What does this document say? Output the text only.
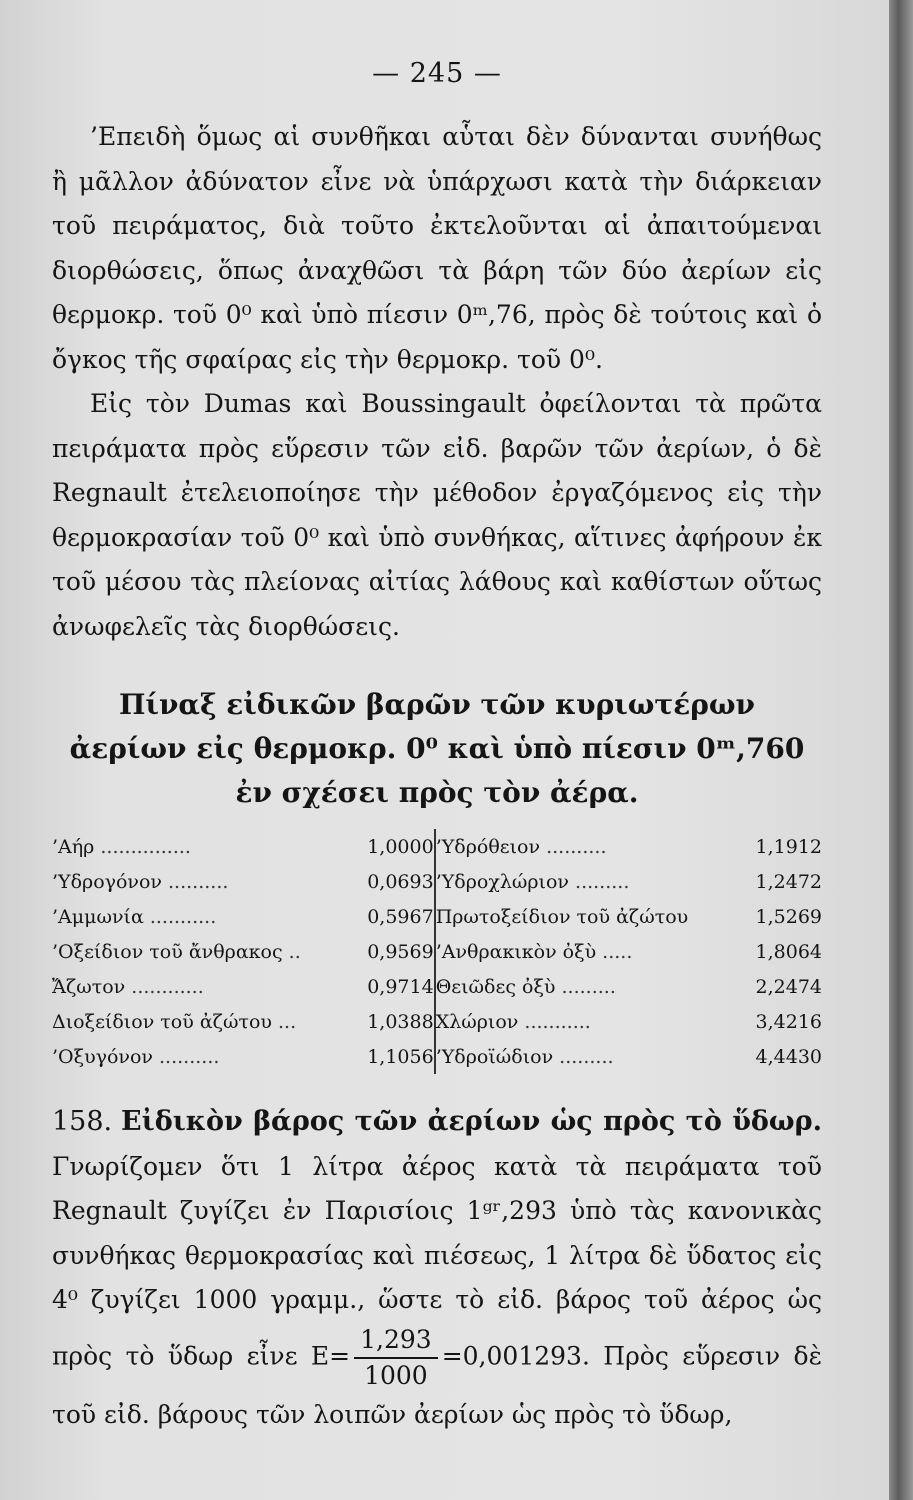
— 245 —

’Επειδὴ ὅμως αἱ συνθῆκαι αὗται δὲν δύνανται συνήθως ἢ μᾶλλον ἀδύνατον εἶνε νὰ ὑπάρχωσι κατὰ τὴν διάρκειαν τοῦ πειράματος, διὰ τοῦτο ἐκτελοῦνται αἱ ἀπαιτούμεναι διορθώσεις, ὅπως ἀναχθῶσι τὰ βάρη τῶν δύο ἀερίων εἰς θερμοκρ. τοῦ 0⁰ καὶ ὑπὸ πίεσιν 0ᵐ,76, πρὸς δὲ τούτοις καὶ ὁ ὄγκος τῆς σφαίρας εἰς τὴν θερμοκρ. τοῦ 0⁰.

Εἰς τὸν Dumas καὶ Boussingault ὀφείλονται τὰ πρῶτα πειράματα πρὸς εὕρεσιν τῶν εἰδ. βαρῶν τῶν ἀερίων, ὁ δὲ Regnault ἐτελειοποίησε τὴν μέθοδον ἐργαζόμενος εἰς τὴν θερμοκρασίαν τοῦ 0⁰ καὶ ὑπὸ συνθήκας, αἵτινες ἀφήρουν ἐκ τοῦ μέσου τὰς πλείονας αἰτίας λάθους καὶ καθίστων οὕτως ἀνωφελεῖς τὰς διορθώσεις.

Πίναξ εἰδικῶν βαρῶν τῶν κυριωτέρων
ἀερίων εἰς θερμοκρ. 0⁰ καὶ ὑπὸ πίεσιν 0ᵐ,760
ἐν σχέσει πρὸς τὸν ἀέρα.
’Αήρ ...............	1,0000	’Υδρόθειον ..........	1,1912
’Υδρογόνον ..........	0,0693	’Υδροχλώριον .........	1,2472
’Αμμωνία ...........	0,5967	Πρωτοξείδιον τοῦ ἀζώτου	1,5269
’Οξείδιον τοῦ ἄνθρακος ..	0,9569	’Ανθρακικὸν ὀξὺ .....	1,8064
Ἄζωτον ............	0,9714	Θειῶδες ὀξὺ .........	2,2474
Διοξείδιον τοῦ ἀζώτου ...	1,0388	Χλώριον ...........	3,4216
’Οξυγόνον ..........	1,1056	’Υδροϊώδιον .........	4,4430

158. Εἰδικὸν βάρος τῶν ἀερίων ὡς πρὸς τὸ ὕδωρ. Γνωρίζομεν ὅτι 1 λίτρα ἀέρος κατὰ τὰ πειράματα τοῦ Regnault ζυγίζει ἐν Παρισίοις 1ᵍʳ,293 ὑπὸ τὰς κανονικὰς συνθήκας θερμοκρασίας καὶ πιέσεως, 1 λίτρα δὲ ὕδατος εἰς 4⁰ ζυγίζει 1000 γραμμ., ὥστε τὸ εἰδ. βάρος τοῦ ἀέρος ὡς πρὸς τὸ ὕδωρ εἶνε $E= \frac{1,293}{1000} =0,001293$. Πρὸς εὕρεσιν δὲ τοῦ εἰδ. βάρους τῶν λοιπῶν ἀερίων ὡς πρὸς τὸ ὕδωρ,
